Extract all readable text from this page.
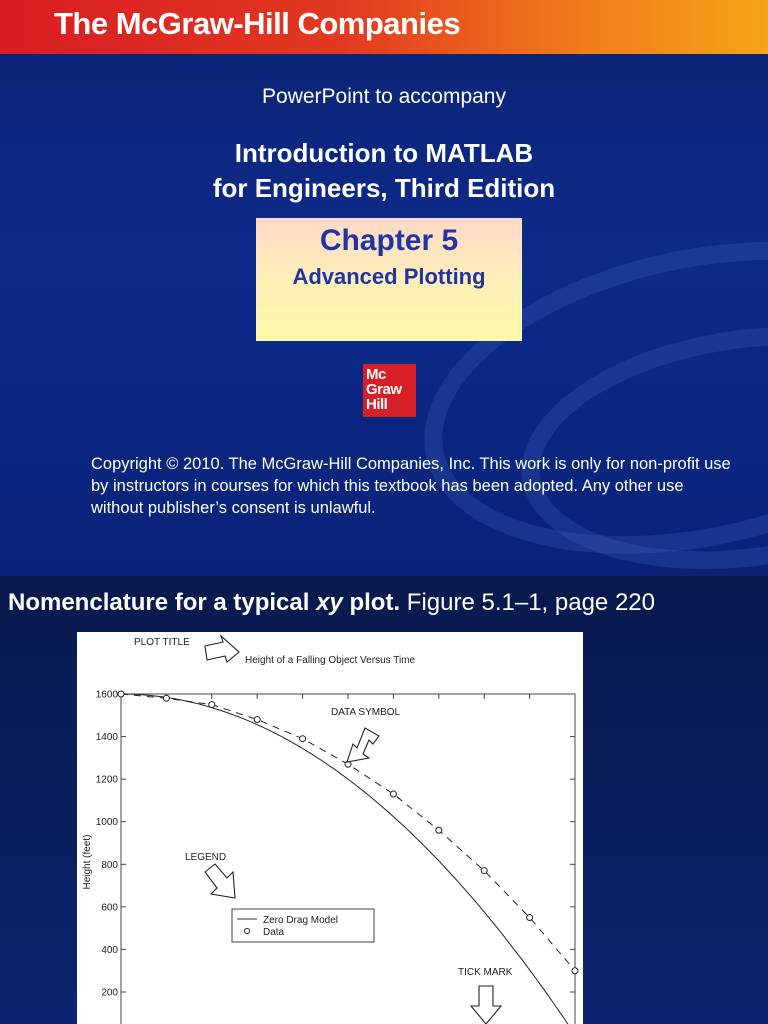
The McGraw-Hill Companies
PowerPoint to accompany
Introduction to MATLAB
for Engineers, Third Edition
Chapter 5
Advanced Plotting
Mc
Graw
Hill
Copyright © 2010. The McGraw-Hill Companies, Inc. This work is only for non-profit use by instructors in courses for which this textbook has been adopted. Any other use without publisher’s consent is unlawful.
Nomenclature for a typical xy plot. Figure 5.1–1, page 220
200
400
600
800
1000
1200
1400
1600
Height (feet)
Height of a Falling Object Versus Time
PLOT TITLE
DATA SYMBOL
LEGEND
Zero Drag Model
Data
TICK MARK
